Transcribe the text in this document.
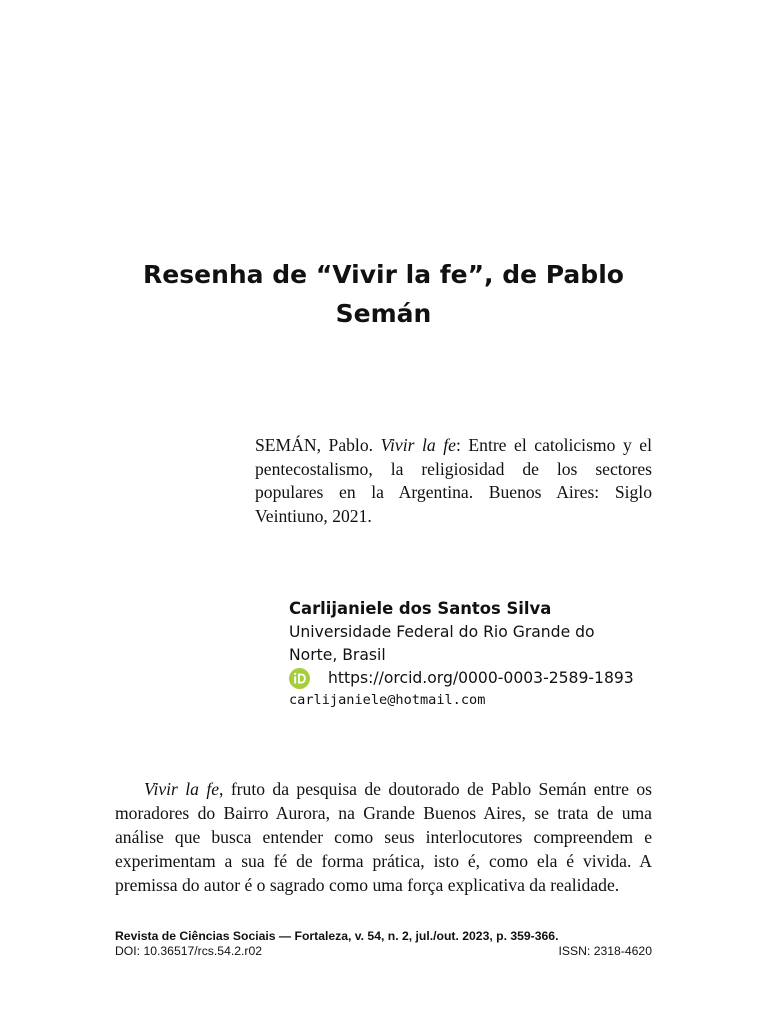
Resenha de “Vivir la fe”, de Pablo Semán

SEMÁN, Pablo. Vivir la fe: Entre el catolicismo y el pentecostalismo, la religiosidad de los sectores populares en la Argentina. Buenos Aires: Siglo Veintiuno, 2021.

Carlijaniele dos Santos Silva

Universidade Federal do Rio Grande do Norte, Brasil

https://orcid.org/0000-0003-2589-1893

carlijaniele@hotmail.com

Vivir la fe, fruto da pesquisa de doutorado de Pablo Semán entre os moradores do Bairro Aurora, na Grande Buenos Aires, se trata de uma análise que busca entender como seus interlocutores compreendem e experimentam a sua fé de forma prática, isto é, como ela é vivida. A premissa do autor é o sagrado como uma força explicativa da realidade.

Revista de Ciências Sociais — Fortaleza, v. 54, n. 2, jul./out. 2023, p. 359-366.

DOI: 10.36517/rcs.54.2.r02	ISSN: 2318-4620
